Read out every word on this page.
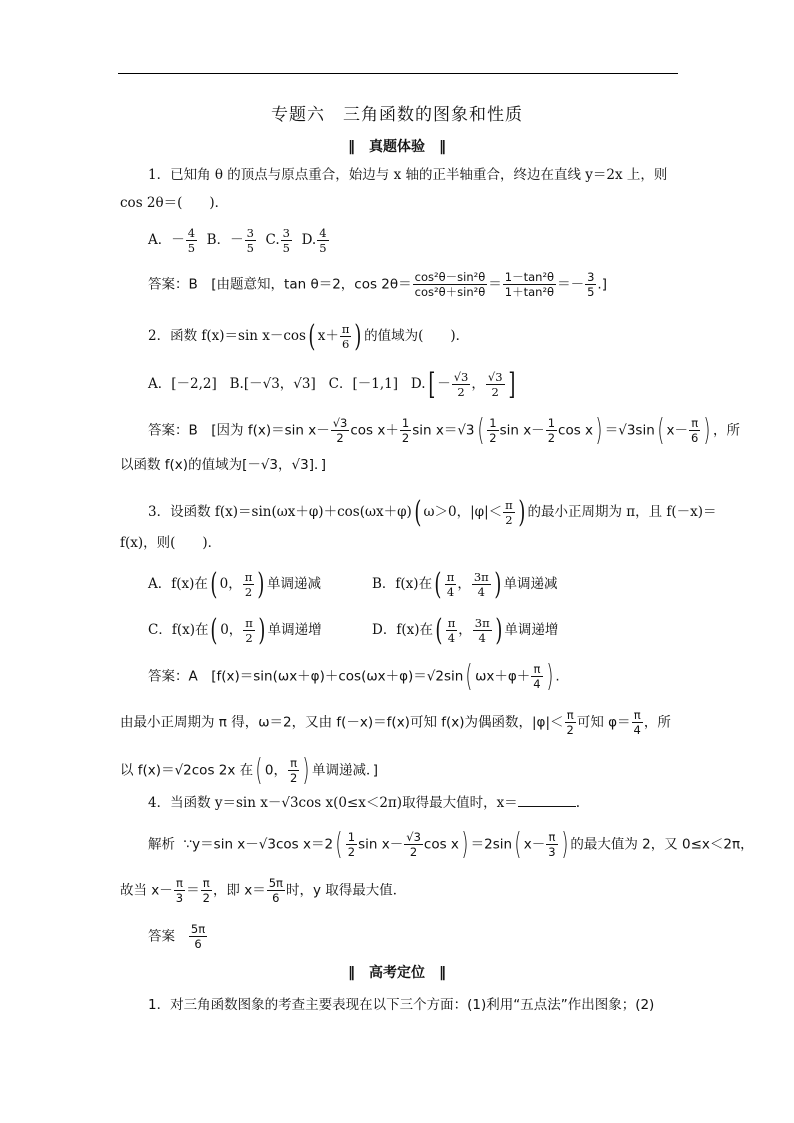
专题六　三角函数的图象和性质
‖ 真题体验 ‖
1．已知角 θ 的顶点与原点重合，始边与 x 轴的正半轴重合，终边在直线 y＝2x 上，则
cos 2θ＝(　　)．
A．－ $\frac{4}{5}$ B．－ $\frac{3}{5} C$. $\frac{3}{5} D$. $\frac{4}{5}$
答案：B　[由题意知，tan θ＝2，$\cos 2\theta= \frac{\text{cos²θ－sin²θ}}{\text{cos²θ＋sin²θ}} = \frac{\text{1－tan²θ}}{\text{1＋tan²θ}} =- \frac{3}{5}$ .]
2．函数 f(x)＝sin x－cos( $x+ \frac{\pi}{6}$ ) 的值域为(　　)．
A．[－2,2] B.[－√3，√3] C．[－1,1] $D.[ - \frac{√3}{2}$ ， $\frac{√3}{2}$ ]
答案：B　[因为 f(x)＝sin $x- \frac{√3}{2}$ $\cos x+ \frac{1}{2}$ $\sin x=√3( \frac{1}{2}$ $\sin x- \frac{1}{2}$ cos x) ＝√3sin( $x- \frac{\pi}{6}$ ) ，所
以函数 f(x)的值域为[－√3，√3]．]
3．设函数 f(x)＝sin(ωx＋φ)＋cos(ωx＋φ)( ω＞0，$|\varphi|< \frac{\pi}{2}$ ) 的最小正周期为 π，且 f(－x)＝
f(x)，则(　　)．
A．f(x)在( 0， $\frac{\pi}{2}$ ) 单调递减	B．f(x)在( $\frac{\pi}{4}$ ， $\frac{3\pi}{4}$ ) 单调递减
C．f(x)在( 0， $\frac{\pi}{2}$ ) 单调递增	D．f(x)在( $\frac{\pi}{4}$ ， $\frac{3\pi}{4}$ ) 单调递增
答案：A　[f(x)＝sin(ωx＋φ)＋cos(ωx＋φ)＝√2sin( $\omega x+\varphi+ \frac{\pi}{4}$ ) .
由最小正周期为 π 得，ω＝2，又由 f(－x)＝f(x)可知 f(x)为偶函数，$|\varphi|< \frac{\pi}{2}$ 可知 $\varphi= \frac{\pi}{4}$ ，所
以 f(x)＝√2cos 2x 在( 0， $\frac{\pi}{2}$ ) 单调递减．]
4．当函数 y＝sin x－√3cos x(0≤x＜2π)取得最大值时，x＝	.
解析 ∵y＝sin x－√3cos $x=2( \frac{1}{2}$ $\sin x- \frac{√3}{2}$ cos x) ＝2sin( $x- \frac{\pi}{3}$ ) 的最大值为 2，又 0≤x＜2π，
故当 $x- \frac{\pi}{3} = \frac{\pi}{2}$ ，即 $x= \frac{5\pi}{6}$ 时，y 取得最大值．
答案 $\frac{5\pi}{6}$
‖ 高考定位 ‖
1．对三角函数图象的考查主要表现在以下三个方面：(1)利用“五点法”作出图象；(2)
